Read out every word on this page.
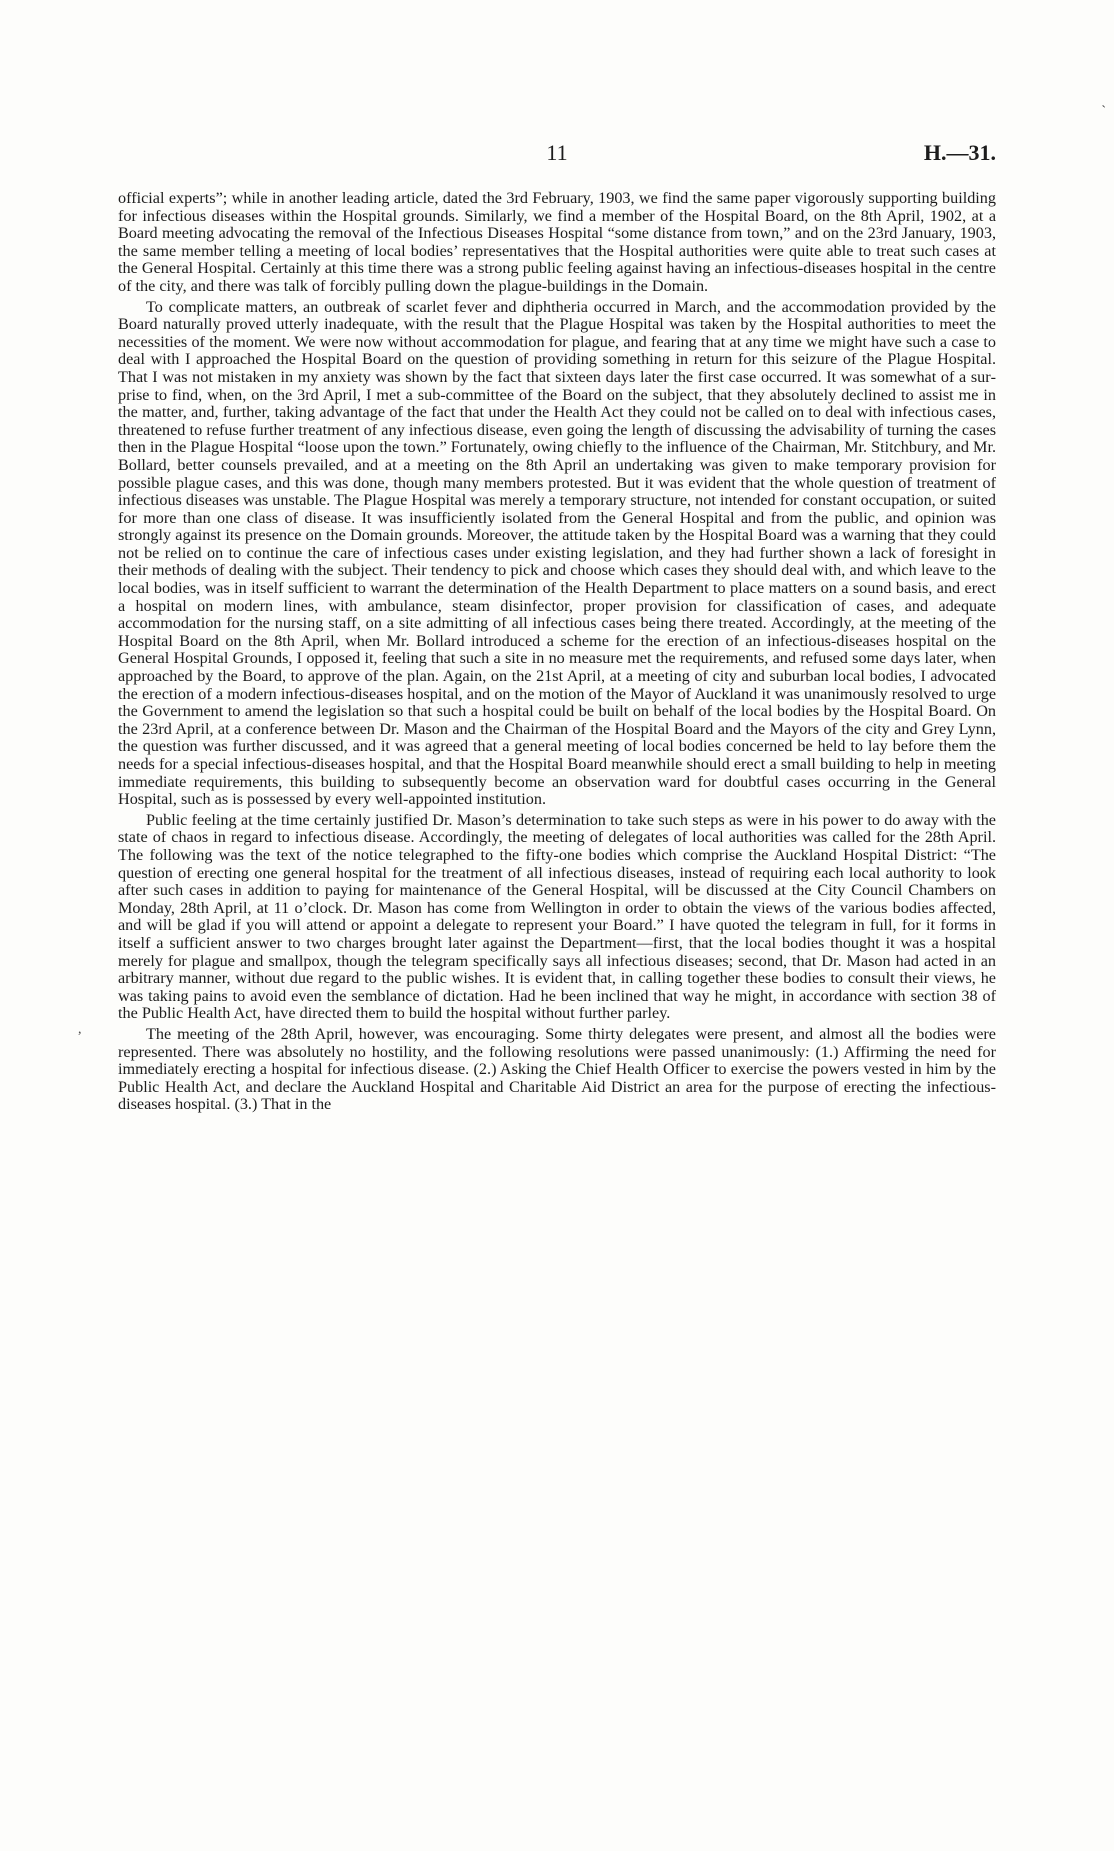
`
11	H.—31.
,

official experts”; while in another leading article, dated the 3rd February, 1903, we find the same paper vigorously supporting building for infectious diseases within the Hospital grounds. Similarly, we find a member of the Hospital Board, on the 8th April, 1902, at a Board meeting advocating the removal of the Infectious Diseases Hospital “some distance from town,” and on the 23rd January, 1903, the same member telling a meeting of local bodies’ representatives that the Hospital authorities were quite able to treat such cases at the General Hospital. Certainly at this time there was a strong public feeling against having an infectious-diseases hospital in the centre of the city, and there was talk of forcibly pulling down the plague-buildings in the Domain.

To complicate matters, an outbreak of scarlet fever and diphtheria occurred in March, and the accommodation provided by the Board naturally proved utterly inadequate, with the result that the Plague Hospital was taken by the Hospital authorities to meet the necessities of the moment. We were now without accommodation for plague, and fearing that at any time we might have such a case to deal with I approached the Hospital Board on the question of providing something in return for this seizure of the Plague Hospital. That I was not mistaken in my anxiety was shown by the fact that sixteen days later the first case occurred. It was somewhat of a surprise to find, when, on the 3rd April, I met a sub-committee of the Board on the subject, that they absolutely declined to assist me in the matter, and, further, taking advantage of the fact that under the Health Act they could not be called on to deal with infectious cases, threatened to refuse further treatment of any infectious disease, even going the length of discussing the advisability of turning the cases then in the Plague Hospital “loose upon the town.” Fortunately, owing chiefly to the influence of the Chairman, Mr. Stitchbury, and Mr. Bollard, better counsels prevailed, and at a meeting on the 8th April an undertaking was given to make temporary provision for possible plague cases, and this was done, though many members protested. But it was evident that the whole question of treatment of infectious diseases was unstable. The Plague Hospital was merely a temporary structure, not intended for constant occupation, or suited for more than one class of disease. It was insufficiently isolated from the General Hospital and from the public, and opinion was strongly against its presence on the Domain grounds. Moreover, the attitude taken by the Hospital Board was a warning that they could not be relied on to continue the care of infectious cases under existing legislation, and they had further shown a lack of foresight in their methods of dealing with the subject. Their tendency to pick and choose which cases they should deal with, and which leave to the local bodies, was in itself sufficient to warrant the determination of the Health Department to place matters on a sound basis, and erect a hospital on modern lines, with ambulance, steam disinfector, proper provision for classification of cases, and adequate accommodation for the nursing staff, on a site admitting of all infectious cases being there treated. Accordingly, at the meeting of the Hospital Board on the 8th April, when Mr. Bollard introduced a scheme for the erection of an infectious-diseases hospital on the General Hospital Grounds, I opposed it, feeling that such a site in no measure met the requirements, and refused some days later, when approached by the Board, to approve of the plan. Again, on the 21st April, at a meeting of city and suburban local bodies, I advocated the erection of a modern infectious-diseases hospital, and on the motion of the Mayor of Auckland it was unanimously resolved to urge the Government to amend the legislation so that such a hospital could be built on behalf of the local bodies by the Hospital Board. On the 23rd April, at a conference between Dr. Mason and the Chairman of the Hospital Board and the Mayors of the city and Grey Lynn, the question was further discussed, and it was agreed that a general meeting of local bodies concerned be held to lay before them the needs for a special infectious-diseases hospital, and that the Hospital Board meanwhile should erect a small building to help in meeting immediate requirements, this building to subsequently become an observation ward for doubtful cases occurring in the General Hospital, such as is possessed by every well-appointed institution.

Public feeling at the time certainly justified Dr. Mason’s determination to take such steps as were in his power to do away with the state of chaos in regard to infectious disease. Accordingly, the meeting of delegates of local authorities was called for the 28th April. The following was the text of the notice telegraphed to the fifty-one bodies which comprise the Auckland Hospital District: “The question of erecting one general hospital for the treatment of all infectious diseases, instead of requiring each local authority to look after such cases in addition to paying for maintenance of the General Hospital, will be discussed at the City Council Chambers on Monday, 28th April, at 11 o’clock. Dr. Mason has come from Wellington in order to obtain the views of the various bodies affected, and will be glad if you will attend or appoint a delegate to represent your Board.” I have quoted the telegram in full, for it forms in itself a sufficient answer to two charges brought later against the Department—first, that the local bodies thought it was a hospital merely for plague and smallpox, though the telegram specifically says all infectious diseases; second, that Dr. Mason had acted in an arbitrary manner, without due regard to the public wishes. It is evident that, in calling together these bodies to consult their views, he was taking pains to avoid even the semblance of dictation. Had he been inclined that way he might, in accordance with section 38 of the Public Health Act, have directed them to build the hospital without further parley.

The meeting of the 28th April, however, was encouraging. Some thirty delegates were present, and almost all the bodies were represented. There was absolutely no hostility, and the following resolutions were passed unanimously: (1.) Affirming the need for immediately erecting a hospital for infectious disease. (2.) Asking the Chief Health Officer to exercise the powers vested in him by the Public Health Act, and declare the Auckland Hospital and Charitable Aid District an area for the purpose of erecting the infectious-diseases hospital. (3.) That in the
